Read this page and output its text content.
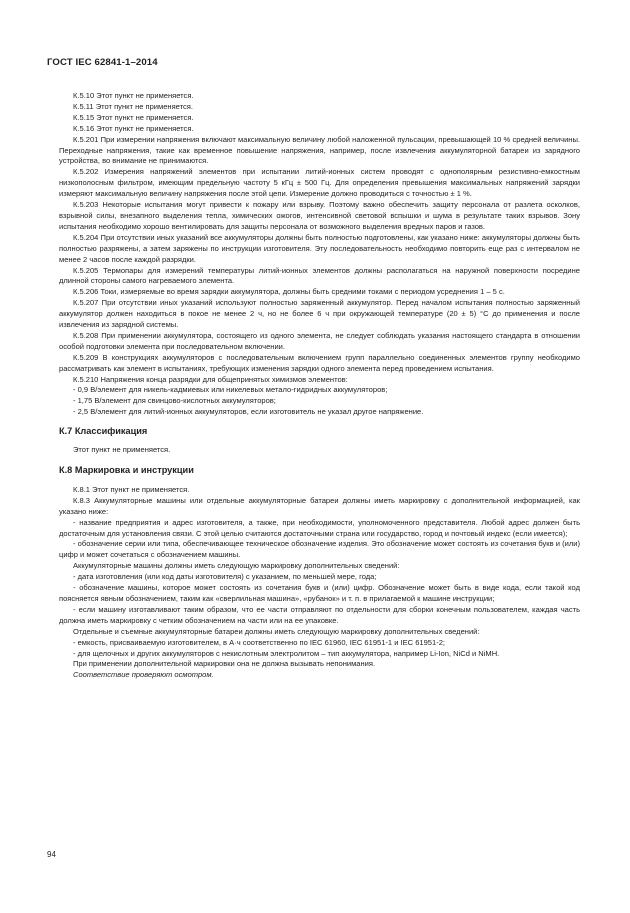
ГОСТ IEC 62841-1–2014

К.5.10 Этот пункт не применяется.

К.5.11 Этот пункт не применяется.

К.5.15 Этот пункт не применяется.

К.5.16 Этот пункт не применяется.

К.5.201 При измерении напряжения включают максимальную величину любой наложенной пульсации, превышающей 10 % средней величины. Переходные напряжения, такие как временное повышение напряжения, например, после извлечения аккумуляторной батареи из зарядного устройства, во внимание не принимаются.

К.5.202 Измерения напряжений элементов при испытании литий-ионных систем проводят с однополярным резистивно-емкостным низкополосным фильтром, имеющим предельную частоту 5 кГц ± 500 Гц. Для определения превышения максимальных напряжений зарядки измеряют максимальную величину напряжения после этой цепи. Измерение должно проводиться с точностью ± 1 %.

К.5.203 Некоторые испытания могут привести к пожару или взрыву. Поэтому важно обеспечить защиту персонала от разлета осколков, взрывной силы, внезапного выделения тепла, химических ожогов, интенсивной световой вспышки и шума в результате таких взрывов. Зону испытания необходимо хорошо вентилировать для защиты персонала от возможного выделения вредных паров и газов.

К.5.204 При отсутствии иных указаний все аккумуляторы должны быть полностью подготовлены, как указано ниже: аккумуляторы должны быть полностью разряжены, а затем заряжены по инструкции изготовителя. Эту последовательность необходимо повторить еще раз с интервалом не менее 2 часов после каждой разрядки.

К.5.205 Термопары для измерений температуры литий-ионных элементов должны располагаться на наружной поверхности посредине длинной стороны самого нагреваемого элемента.

К.5.206 Токи, измеряемые во время зарядки аккумулятора, должны быть средними токами с периодом усреднения 1 – 5 с.

К.5.207 При отсутствии иных указаний используют полностью заряженный аккумулятор. Перед началом испытания полностью заряженный аккумулятор должен находиться в покое не менее 2 ч, но не более 6 ч при окружающей температуре (20 ± 5) °С до применения и после извлечения из зарядной системы.

К.5.208 При применении аккумулятора, состоящего из одного элемента, не следует соблюдать указания настоящего стандарта в отношении особой подготовки элемента при последовательном включении.

К.5.209 В конструкциях аккумуляторов с последовательным включением групп параллельно соединенных элементов группу необходимо рассматривать как элемент в испытаниях, требующих изменения зарядки одного элемента перед проведением испытания.

К.5.210 Напряжения конца разрядки для общепринятых химизмов элементов:

- 0,9 В/элемент для никель-кадмиевых или никелевых метало-гидридных аккумуляторов;

- 1,75 В/элемент для свинцово-кислотных аккумуляторов;

- 2,5 В/элемент для литий-ионных аккумуляторов, если изготовитель не указал другое напряжение.

К.7 Классификация

Этот пункт не применяется.

К.8 Маркировка и инструкции

К.8.1 Этот пункт не применяется.

К.8.3 Аккумуляторные машины или отдельные аккумуляторные батареи должны иметь маркировку с дополнительной информацией, как указано ниже:

- название предприятия и адрес изготовителя, а также, при необходимости, уполномоченного представителя. Любой адрес должен быть достаточным для установления связи. С этой целью считаются достаточными страна или государство, город и почтовый индекс (если имеется);

- обозначение серии или типа, обеспечивающее техническое обозначение изделия. Это обозначение может состоять из сочетания букв и (или) цифр и может сочетаться с обозначением машины.

Аккумуляторные машины должны иметь следующую маркировку дополнительных сведений:

- дата изготовления (или код даты изготовителя) с указанием, по меньшей мере, года;

- обозначение машины, которое может состоять из сочетания букв и (или) цифр. Обозначение может быть в виде кода, если такой код поясняется явным обозначением, таким как «сверлильная машина», «рубанок» и т. п. в прилагаемой к машине инструкции;

- если машину изготавливают таким образом, что ее части отправляют по отдельности для сборки конечным пользователем, каждая часть должна иметь маркировку с четким обозначением на части или на ее упаковке.

Отдельные и съемные аккумуляторные батареи должны иметь следующую маркировку дополнительных сведений:

- емкость, присваиваемую изготовителем, в А·ч соответственно по IEC 61960, IEC 61951-1 и IEC 61951-2;

- для щелочных и других аккумуляторов с некислотным электролитом – тип аккумулятора, например Li-Ion, NiCd и NiMH.

При применении дополнительной маркировки она не должна вызывать непонимания.

Соответствие проверяют осмотром.

94
